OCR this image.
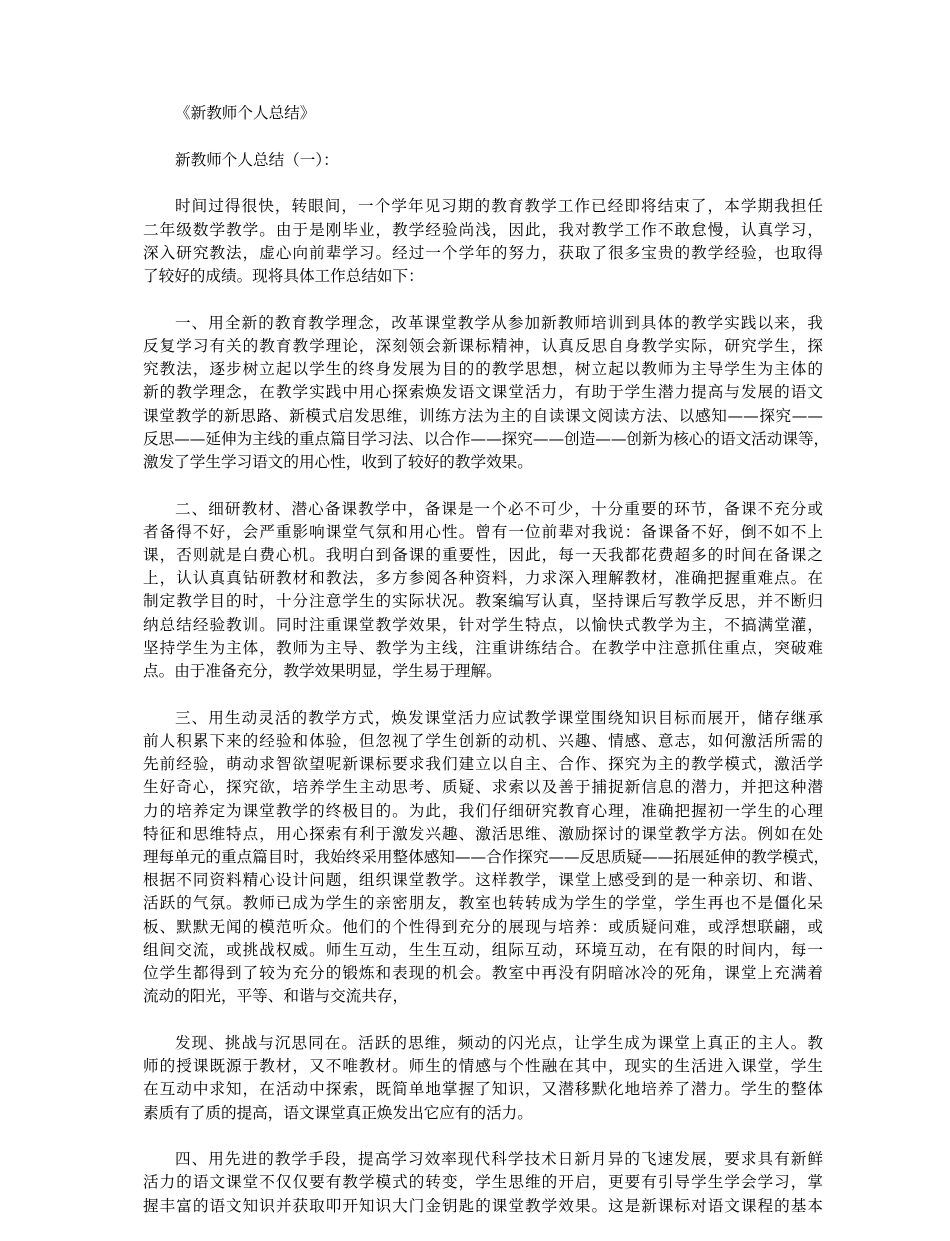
《新教师个人总结》

新教师个人总结（一）：

时间过得很快，转眼间，一个学年见习期的教育教学工作已经即将结束了，本学期我担任

二年级数学教学。由于是刚毕业，教学经验尚浅，因此，我对教学工作不敢怠慢，认真学习，

深入研究教法，虚心向前辈学习。经过一个学年的努力，获取了很多宝贵的教学经验，也取得

了较好的成绩。现将具体工作总结如下：

一、用全新的教育教学理念，改革课堂教学从参加新教师培训到具体的教学实践以来，我

反复学习有关的教育教学理论，深刻领会新课标精神，认真反思自身教学实际，研究学生，探

究教法，逐步树立起以学生的终身发展为目的的教学思想，树立起以教师为主导学生为主体的

新的教学理念，在教学实践中用心探索焕发语文课堂活力，有助于学生潜力提高与发展的语文

课堂教学的新思路、新模式启发思维，训练方法为主的自读课文阅读方法、以感知——探究——

反思——延伸为主线的重点篇目学习法、以合作——探究——创造——创新为核心的语文活动课等，

激发了学生学习语文的用心性，收到了较好的教学效果。

二、细研教材、潜心备课教学中，备课是一个必不可少，十分重要的环节，备课不充分或

者备得不好，会严重影响课堂气氛和用心性。曾有一位前辈对我说：备课备不好，倒不如不上

课，否则就是白费心机。我明白到备课的重要性，因此，每一天我都花费超多的时间在备课之

上，认认真真钻研教材和教法，多方参阅各种资料，力求深入理解教材，准确把握重难点。在

制定教学目的时，十分注意学生的实际状况。教案编写认真，坚持课后写教学反思，并不断归

纳总结经验教训。同时注重课堂教学效果，针对学生特点，以愉快式教学为主，不搞满堂灌，

坚持学生为主体，教师为主导、教学为主线，注重讲练结合。在教学中注意抓住重点，突破难

点。由于准备充分，教学效果明显，学生易于理解。

三、用生动灵活的教学方式，焕发课堂活力应试教学课堂围绕知识目标而展开，储存继承

前人积累下来的经验和体验，但忽视了学生创新的动机、兴趣、情感、意志，如何激活所需的

先前经验，萌动求智欲望呢新课标要求我们建立以自主、合作、探究为主的教学模式，激活学

生好奇心，探究欲，培养学生主动思考、质疑、求索以及善于捕捉新信息的潜力，并把这种潜

力的培养定为课堂教学的终极目的。为此，我们仔细研究教育心理，准确把握初一学生的心理

特征和思维特点，用心探索有利于激发兴趣、激活思维、激励探讨的课堂教学方法。例如在处

理每单元的重点篇目时，我始终采用整体感知——合作探究——反思质疑——拓展延伸的教学模式，

根据不同资料精心设计问题，组织课堂教学。这样教学，课堂上感受到的是一种亲切、和谐、

活跃的气氛。教师已成为学生的亲密朋友，教室也转转成为学生的学堂，学生再也不是僵化呆

板、默默无闻的模范听众。他们的个性得到充分的展现与培养：或质疑问难，或浮想联翩，或

组间交流，或挑战权威。师生互动，生生互动，组际互动，环境互动，在有限的时间内，每一

位学生都得到了较为充分的锻炼和表现的机会。教室中再没有阴暗冰冷的死角，课堂上充满着

流动的阳光，平等、和谐与交流共存，

发现、挑战与沉思同在。活跃的思维，频动的闪光点，让学生成为课堂上真正的主人。教

师的授课既源于教材，又不唯教材。师生的情感与个性融在其中，现实的生活进入课堂，学生

在互动中求知，在活动中探索，既简单地掌握了知识，又潜移默化地培养了潜力。学生的整体

素质有了质的提高，语文课堂真正焕发出它应有的活力。

四、用先进的教学手段，提高学习效率现代科学技术日新月异的飞速发展，要求具有新鲜

活力的语文课堂不仅仅要有教学模式的转变，学生思维的开启，更要有引导学生学会学习，掌

握丰富的语文知识并获取叩开知识大门金钥匙的课堂教学效果。这是新课标对语文课程的基本
